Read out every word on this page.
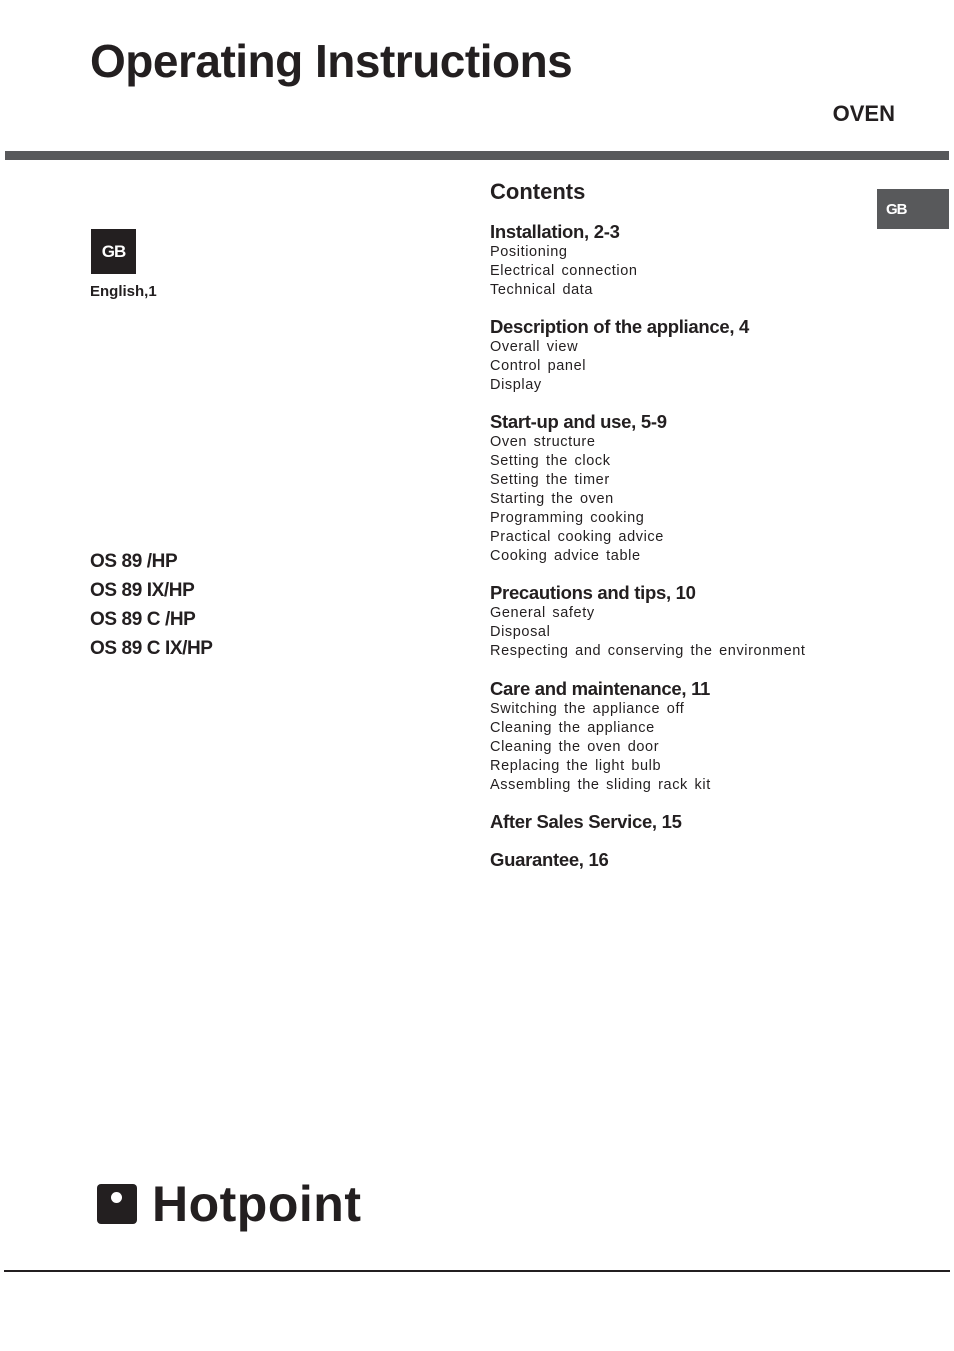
Operating Instructions
OVEN
GB
GB
English,1
OS 89 /HP
OS 89 IX/HP
OS 89 C /HP
OS 89 C IX/HP
Contents
Installation, 2-3
Positioning
Electrical connection
Technical data
Description of the appliance, 4
Overall view
Control panel
Display
Start-up and use, 5-9
Oven structure
Setting the clock
Setting the timer
Starting the oven
Programming cooking
Practical cooking advice
Cooking advice table
Precautions and tips, 10
General safety
Disposal
Respecting and conserving the environment
Care and maintenance, 11
Switching the appliance off
Cleaning the appliance
Cleaning the oven door
Replacing the light bulb
Assembling the sliding rack kit
After Sales Service, 15
Guarantee, 16
Hotpoint
